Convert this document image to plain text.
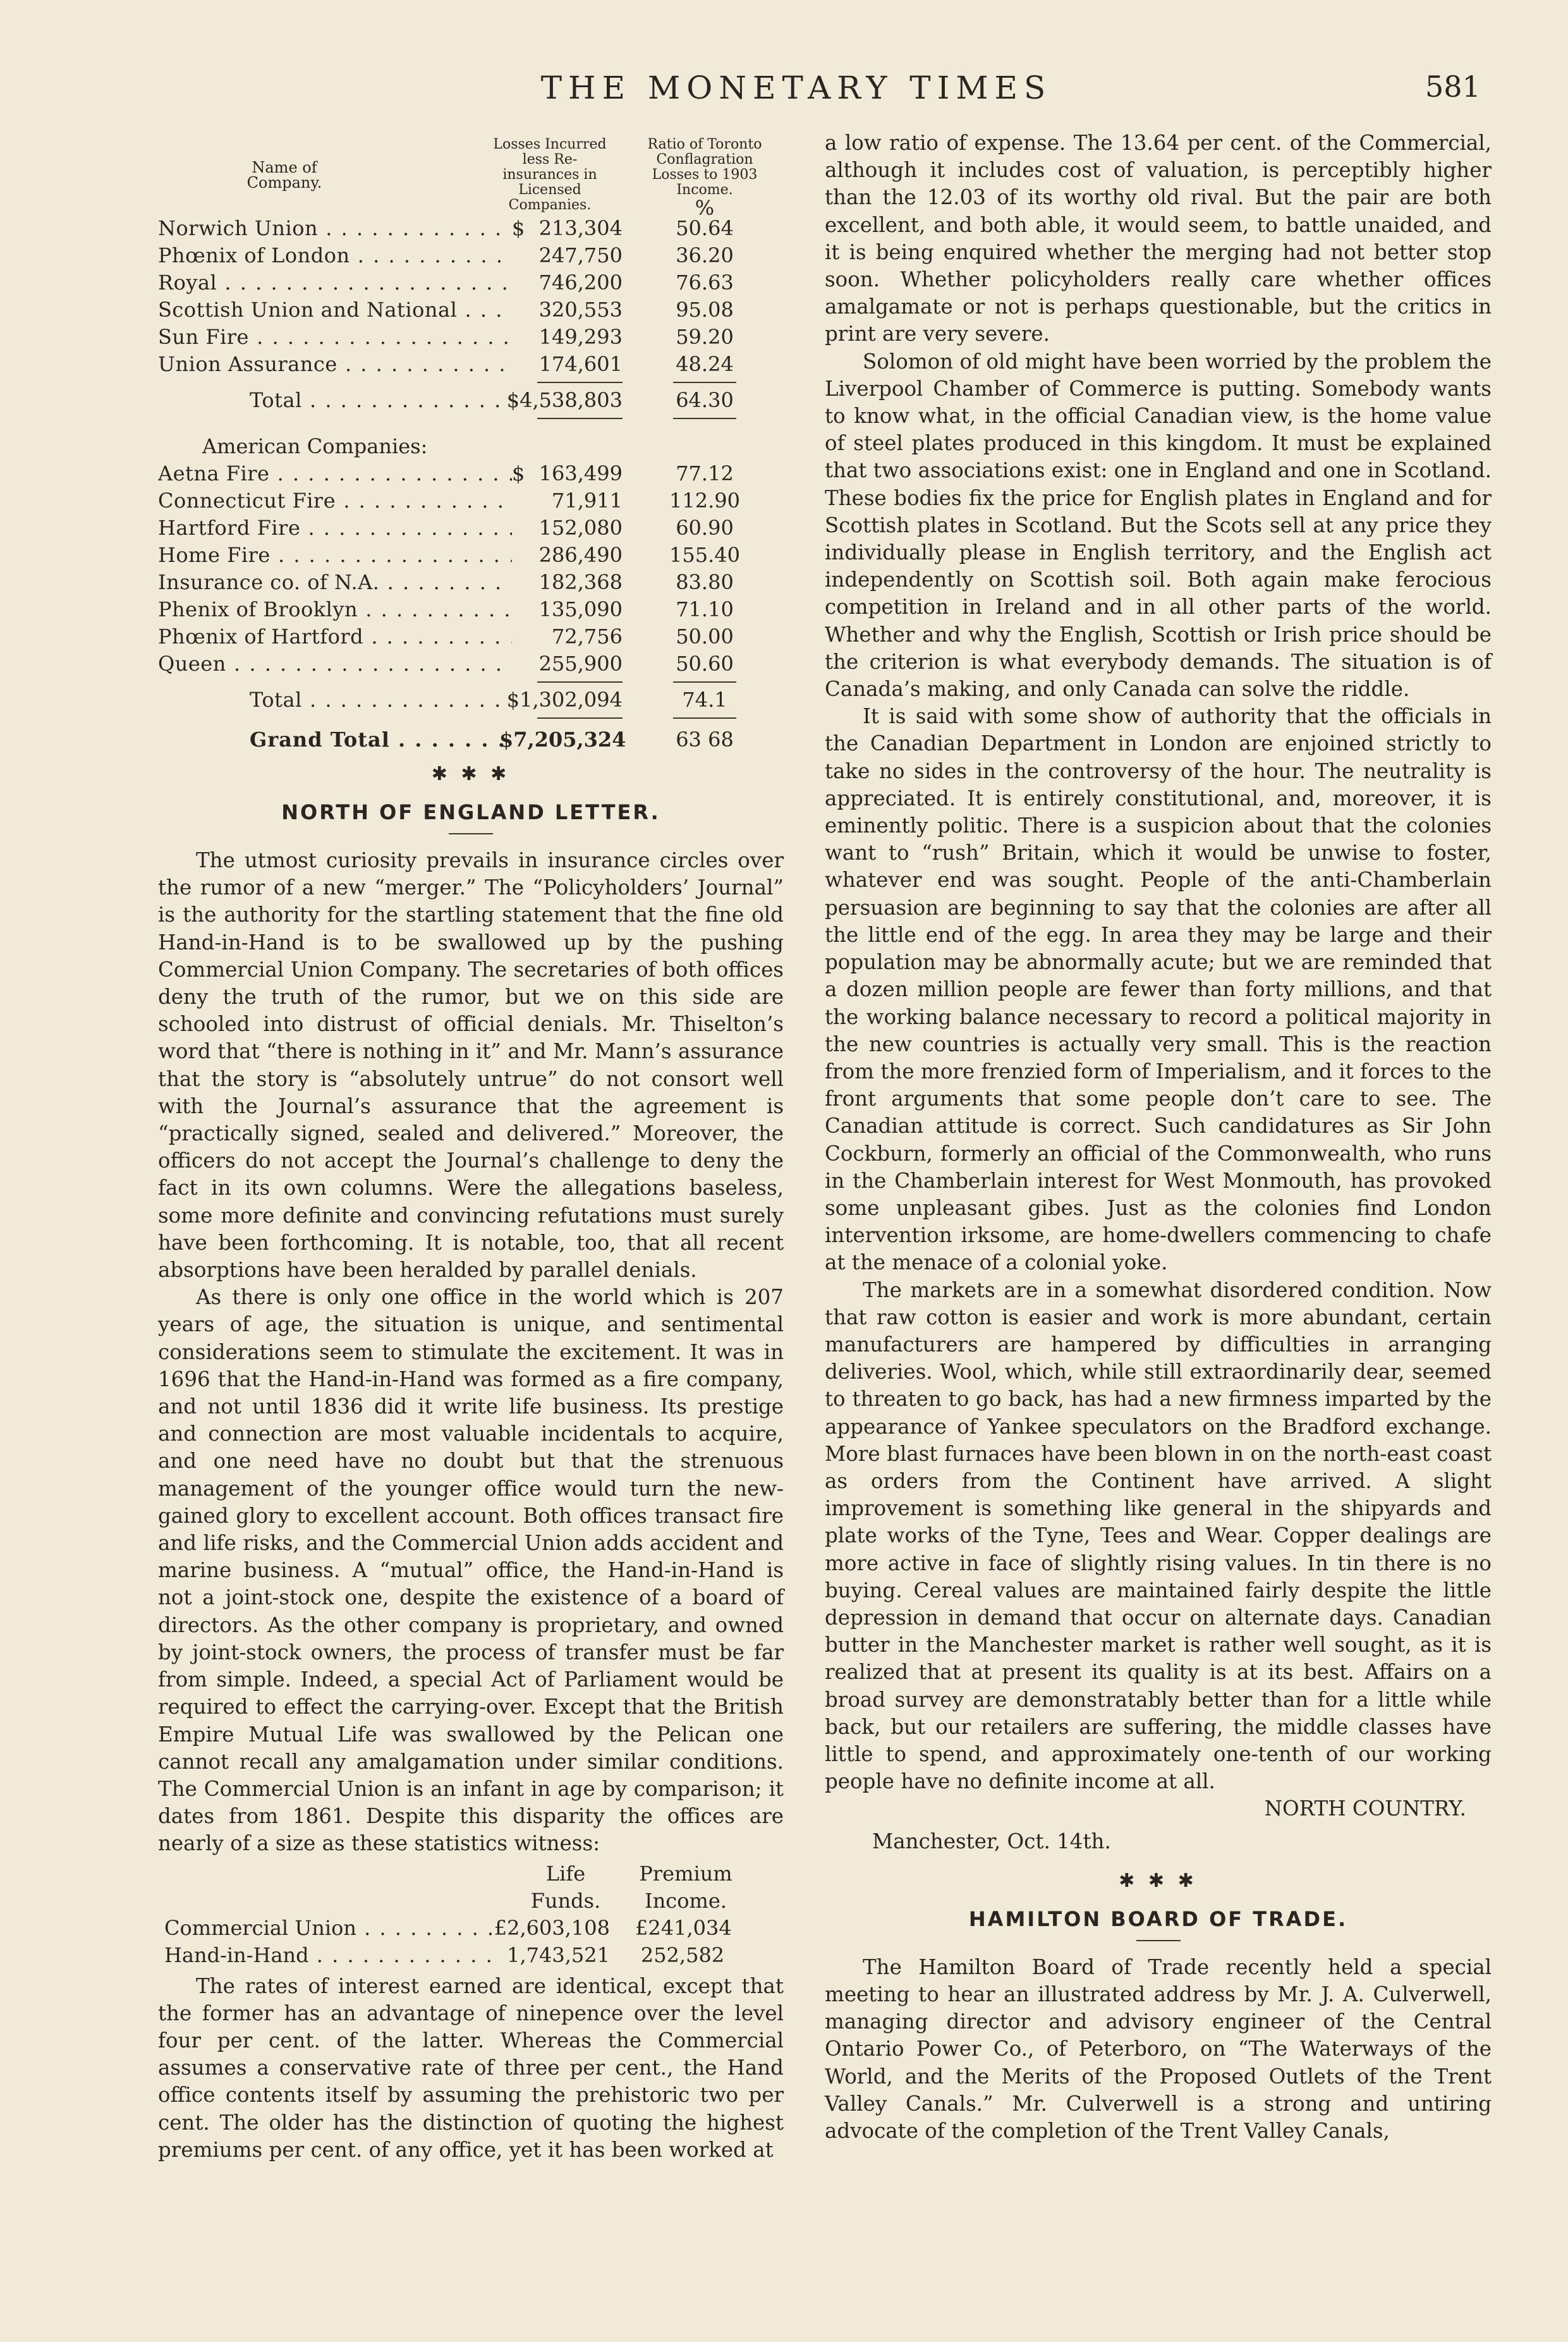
THE MONETARY TIMES	581
Name of Company.
Losses Incurred less Re-insurances in Licensed Companies.
Ratio of Toronto Conflagration Losses to 1903 Income.
%
Norwich Union . . .	$ 213,304	50.64
Phœnix of London . . .	247,750	36.20
Royal . . .	746,200	76.63
Scottish Union and National . . .	320,553	95.08
Sun Fire . . .	149,293	59.20
Union Assurance . . .	174,601	48.24
Total . . .	$4,538,803	64.30
American Companies:
Aetna Fire . . .	$ 163,499	77.12
Connecticut Fire . . .	71,911 112.90
Hartford Fire . . .	152,080	60.90
Home Fire . . .	286,490 155.40
Insurance co. of N.A. . . .	182,368	83.80
Phenix of Brooklyn . . .	135,090	71.10
Phœnix of Hartford . . .	72,756	50.00
Queen . . .	255,900	50.60
Total . . .	$1,302,094	74.1
Grand Total . . .	$7,205,324	63 68
✱ ✱ ✱
NORTH OF ENGLAND LETTER.

The utmost curiosity prevails in insurance circles over the rumor of a new “merger.” The “Policyholders’ Journal” is the authority for the startling statement that the fine old Hand-in-Hand is to be swallowed up by the pushing Commercial Union Company. The secretaries of both offices deny the truth of the rumor, but we on this side are schooled into distrust of official denials. Mr. Thiselton’s word that “there is nothing in it” and Mr. Mann’s assurance that the story is “absolutely untrue” do not consort well with the Journal’s assurance that the agreement is “practically signed, sealed and delivered.” Moreover, the officers do not accept the Journal’s challenge to deny the fact in its own columns. Were the allegations baseless, some more definite and convincing refutations must surely have been forthcoming. It is notable, too, that all recent absorptions have been heralded by parallel denials.

As there is only one office in the world which is 207 years of age, the situation is unique, and sentimental considerations seem to stimulate the excitement. It was in 1696 that the Hand-in-Hand was formed as a fire company, and not until 1836 did it write life business. Its prestige and connection are most valuable incidentals to acquire, and one need have no doubt but that the strenuous management of the younger office would turn the new-gained glory to excellent account. Both offices transact fire and life risks, and the Commercial Union adds accident and marine business. A “mutual” office, the Hand-in-Hand is not a joint-stock one, despite the existence of a board of directors. As the other company is proprietary, and owned by joint-stock owners, the process of transfer must be far from simple. Indeed, a special Act of Parliament would be required to effect the carrying-over. Except that the British Empire Mutual Life was swallowed by the Pelican one cannot recall any amalgamation under similar conditions. The Commercial Union is an infant in age by comparison; it dates from 1861. Despite this disparity the offices are nearly of a size as these statistics witness:

Life	Premium
Funds.	Income.
Commercial Union . . .	£2,603,108 £241,034
Hand-in-Hand . . .	1,743,521 252,582

The rates of interest earned are identical, except that the former has an advantage of ninepence over the level four per cent. of the latter. Whereas the Commercial assumes a conservative rate of three per cent., the Hand office contents itself by assuming the prehistoric two per cent. The older has the distinction of quoting the highest premiums per cent. of any office, yet it has been worked at

a low ratio of expense. The 13.64 per cent. of the Commercial, although it includes cost of valuation, is perceptibly higher than the 12.03 of its worthy old rival. But the pair are both excellent, and both able, it would seem, to battle unaided, and it is being enquired whether the merging had not better stop soon. Whether policyholders really care whether offices amalgamate or not is perhaps questionable, but the critics in print are very severe.

Solomon of old might have been worried by the problem the Liverpool Chamber of Commerce is putting. Somebody wants to know what, in the official Canadian view, is the home value of steel plates produced in this kingdom. It must be explained that two associations exist: one in England and one in Scotland. These bodies fix the price for English plates in England and for Scottish plates in Scotland. But the Scots sell at any price they individually please in English territory, and the English act independently on Scottish soil. Both again make ferocious competition in Ireland and in all other parts of the world. Whether and why the English, Scottish or Irish price should be the criterion is what everybody demands. The situation is of Canada’s making, and only Canada can solve the riddle.

It is said with some show of authority that the officials in the Canadian Department in London are enjoined strictly to take no sides in the controversy of the hour. The neutrality is appreciated. It is entirely constitutional, and, moreover, it is eminently politic. There is a suspicion about that the colonies want to “rush” Britain, which it would be unwise to foster, whatever end was sought. People of the anti-Chamberlain persuasion are beginning to say that the colonies are after all the little end of the egg. In area they may be large and their population may be abnormally acute; but we are reminded that a dozen million people are fewer than forty millions, and that the working balance necessary to record a political majority in the new countries is actually very small. This is the reaction from the more frenzied form of Imperialism, and it forces to the front arguments that some people don’t care to see. The Canadian attitude is correct. Such candidatures as Sir John Cockburn, formerly an official of the Commonwealth, who runs in the Chamberlain interest for West Monmouth, has provoked some unpleasant gibes. Just as the colonies find London intervention irksome, are home-dwellers commencing to chafe at the menace of a colonial yoke.

The markets are in a somewhat disordered condition. Now that raw cotton is easier and work is more abundant, certain manufacturers are hampered by difficulties in arranging deliveries. Wool, which, while still extraordinarily dear, seemed to threaten to go back, has had a new firmness imparted by the appearance of Yankee speculators on the Bradford exchange. More blast furnaces have been blown in on the north-east coast as orders from the Continent have arrived. A slight improvement is something like general in the shipyards and plate works of the Tyne, Tees and Wear. Copper dealings are more active in face of slightly rising values. In tin there is no buying. Cereal values are maintained fairly despite the little depression in demand that occur on alternate days. Canadian butter in the Manchester market is rather well sought, as it is realized that at present its quality is at its best. Affairs on a broad survey are demonstratably better than for a little while back, but our retailers are suffering, the middle classes have little to spend, and approximately one-tenth of our working people have no definite income at all.

NORTH COUNTRY.
Manchester, Oct. 14th.
✱ ✱ ✱
HAMILTON BOARD OF TRADE.

The Hamilton Board of Trade recently held a special meeting to hear an illustrated address by Mr. J. A. Culverwell, managing director and advisory engineer of the Central Ontario Power Co., of Peterboro, on “The Waterways of the World, and the Merits of the Proposed Outlets of the Trent Valley Canals.” Mr. Culverwell is a strong and untiring advocate of the completion of the Trent Valley Canals,
